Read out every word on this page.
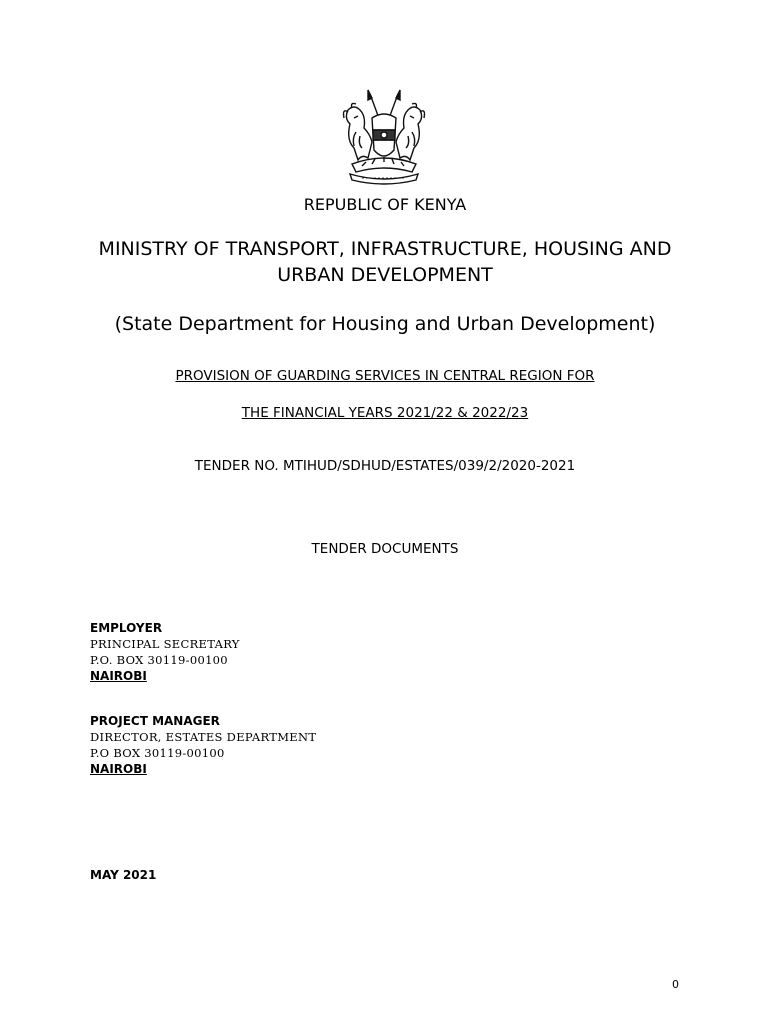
REPUBLIC OF KENYA
MINISTRY OF TRANSPORT, INFRASTRUCTURE, HOUSING AND
URBAN DEVELOPMENT
(State Department for Housing and Urban Development)
PROVISION OF GUARDING SERVICES IN CENTRAL REGION FOR
THE FINANCIAL YEARS 2021/22 & 2022/23
TENDER NO. MTIHUD/SDHUD/ESTATES/039/2/2020-2021
TENDER DOCUMENTS
EMPLOYER
PRINCIPAL SECRETARY
P.O. BOX 30119-00100
NAIROBI
PROJECT MANAGER
DIRECTOR, ESTATES DEPARTMENT
P.O BOX 30119-00100
NAIROBI
MAY 2021
0
